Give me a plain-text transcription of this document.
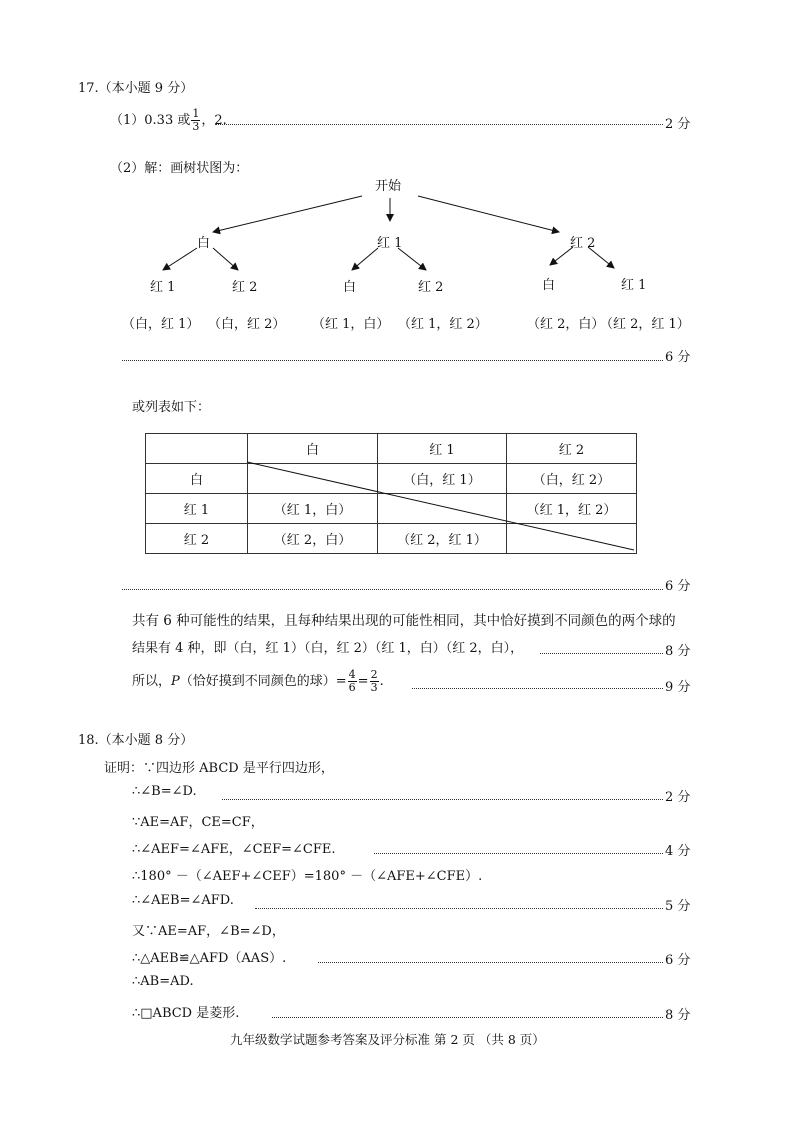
17.（本小题 9 分）
（1）0.33 或 $\frac{1}{3}$ ，2.	2 分
（2）解：画树状图为：
开始
白	红 1	红 2
红 1	红 2	白	红 2	白	红 1
（白，红 1） （白，红 2） （红 1，白） （红 1，红 2）	（红 2，白）
（红 2，红 1）
6 分
或列表如下：
	白	红 1	红 2
白		（白，红 1）	（白，红 2）
红 1	（红 1，白）		（红 1，红 2）
红 2	（红 2，白）	（红 2，红 1）	
6 分
共有 6 种可能性的结果，且每种结果出现的可能性相同，其中恰好摸到不同颜色的两个球的
结果有 4 种，即（白，红 1）（白，红 2）（红 1，白）（红 2，白），	8 分
所以，P（恰好摸到不同颜色的球）= $\frac{4}{6} = \frac{2}{3}$ .	9 分
18.（本小题 8 分）
证明：∵四边形 ABCD 是平行四边形，
∴∠B=∠D.	2 分
∵AE=AF，CE=CF，
∴∠AEF=∠AFE，∠CEF=∠CFE.	4 分
∴180° －（∠AEF+∠CEF）=180° －（∠AFE+∠CFE）.
∴∠AEB=∠AFD.	5 分
又∵AE=AF，∠B=∠D，
∴△AEB≌△AFD（AAS）.	6 分
∴AB=AD.
∴□ABCD 是菱形.	8 分
九年级数学试题参考答案及评分标准 第 2 页 （共 8 页）
